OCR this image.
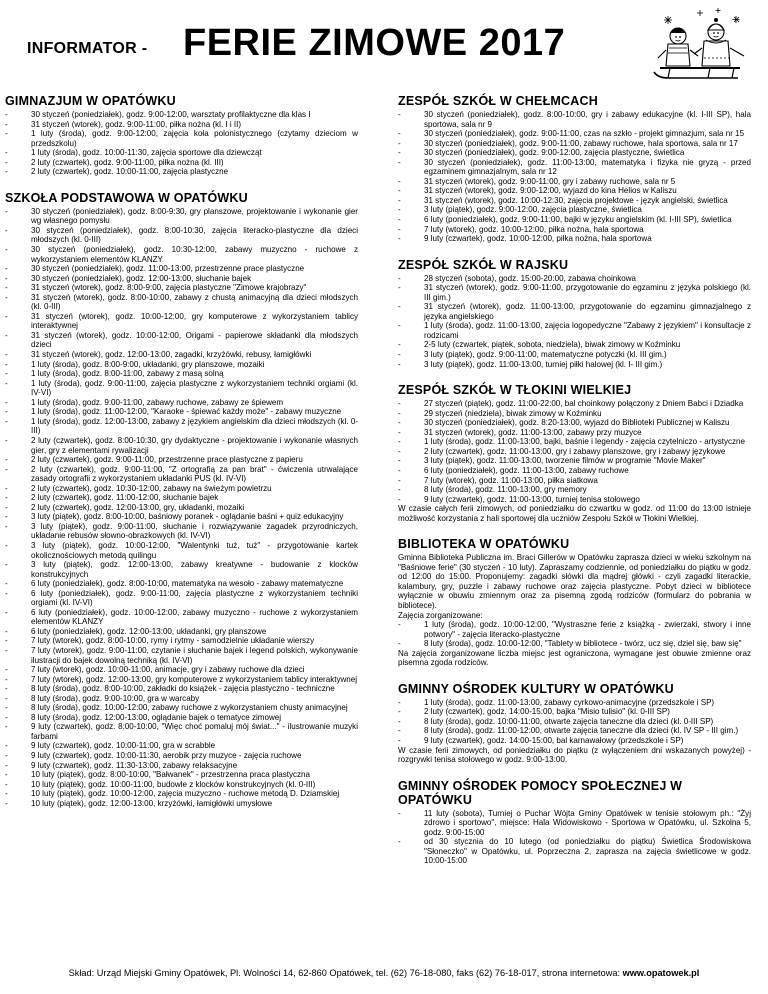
INFORMATOR - FERIE ZIMOWE 2017
GIMNAZJUM W OPATÓWKU
- 30 styczeń (poniedziałek), godz. 9:00-12:00, warsztaty profilaktyczne dla klas I
- 31 styczeń (wtorek), godz. 9:00-11:00, piłka nożna (kl. I i II)
- 1 luty (środa), godz. 9:00-12:00, zajęcia koła polonistycznego (czytamy dzieciom w przedszkolu)
- 1 luty (środa), godz. 10:00-11:30, zajęcia sportowe dla dziewcząt
- 2 luty (czwartek), godz. 9:00-11:00, piłka nożna (kl. III)
- 2 luty (czwartek), godz. 10:00-11:00, zajęcia plastyczne
SZKOŁA PODSTAWOWA W OPATÓWKU
- 30 styczeń (poniedziałek), godz. 8:00-9:30, gry planszowe, projektowanie i wykonanie gier wg własnego pomysłu
- 30 styczeń (poniedziałek), godz. 8:00-10:30, zajęcia literacko-plastyczne dla dzieci młodszych (kl. 0-III)
- 30 styczeń (poniedziałek), godz. 10:30-12:00, zabawy muzyczno - ruchowe z wykorzystaniem elementów KLANZY
- 30 styczeń (poniedziałek), godz. 11:00-13:00, przestrzenne prace plastyczne
- 30 styczeń (poniedziałek), godz. 12:00-13:00, słuchanie bajek
- 31 styczeń (wtorek), godz. 8:00-9:00, zajęcia plastyczne "Zimowe krajobrazy"
- 31 styczeń (wtorek), godz. 8:00-10:00, zabawy z chustą animacyjną dla dzieci młodszych (kl. 0-III)
- 31 styczeń (wtorek), godz. 10:00-12:00, gry komputerowe z wykorzystaniem tablicy interaktywnej
- 31 styczeń (wtorek), godz. 10:00-12:00, Origami - papierowe składanki dla młodszych dzieci
- 31 styczeń (wtorek), godz. 12:00-13:00, zagadki, krzyżówki, rebusy, łamigłówki
- 1 luty (środa), godz. 8:00-9:00, układanki, gry planszowe, mozaiki
- 1 luty (środa), godz. 8:00-11:00, zabawy z masą solną
- 1 luty (środa), godz. 9:00-11:00, zajęcia plastyczne z wykorzystaniem techniki orgiami (kl. IV-VI)
- 1 luty (środa), godz. 9:00-11:00, zabawy ruchowe, zabawy ze śpiewem
- 1 luty (środa), godz. 11:00-12:00, "Karaoke - śpiewać każdy może" - zabawy muzyczne
- 1 luty (środa), godz. 12:00-13:00, zabawy z językiem angielskim dla dzieci młodszych (kl. 0-III)
- 2 luty (czwartek), godz. 8:00-10:30, gry dydaktyczne - projektowanie i wykonanie własnych gier, gry z elementami rywalizacji
- 2 luty (czwartek), godz. 9:00-11:00, przestrzenne prace plastyczne z papieru
- 2 luty (czwartek), godz. 9:00-11:00, "Z ortografią za pan brat" - ćwiczenia utrwalające zasady ortografii z wykorzystaniem układanki PUS (kl. IV-VI)
- 2 luty (czwartek), godz. 10:30-12:00, zabawy na świeżym powietrzu
- 2 luty (czwartek), godz. 11:00-12:00, słuchanie bajek
- 2 luty (czwartek), godz. 12:00-13:00, gry, układanki, mozaiki
- 3 luty (piątek), godz. 8:00-10:00, baśniowy poranek - oglądanie baśni + quiz edukacyjny
- 3 luty (piątek), godz. 9:00-11:00, słuchanie i rozwiązywanie zagadek przyrodniczych, układanie rebusów słowno-obrazkowych (kl. IV-VI)
- 3 luty (piątek), godz. 10:00-12:00, "Walentynki tuż, tuż" - przygotowanie kartek okolicznościowych metodą quilingu
- 3 luty (piątek), godz. 12:00-13:00, zabawy kreatywne - budowanie z klocków konstrukcyjnych
- 6 luty (poniedziałek), godz. 8:00-10:00, matematyka na wesoło - zabawy matematyczne
- 6 luty (poniedziałek), godz. 9:00-11:00, zajęcia plastyczne z wykorzystaniem techniki orgiami (kl. IV-VI)
- 6 luty (poniedziałek), godz. 10:00-12:00, zabawy muzyczno - ruchowe z wykorzystaniem elementów KLANZY
- 6 luty (poniedziałek), godz. 12:00-13:00, układanki, gry planszowe
- 7 luty (wtorek), godz. 8:00-10:00, rymy i rytmy - samodzielnie układanie wierszy
- 7 luty (wtorek), godz. 9:00-11:00, czytanie i słuchanie bajek i legend polskich, wykonywanie ilustracji do bajek dowolną techniką (kl. IV-VI)
- 7 luty (wtorek), godz. 10:00-11:00, animacje, gry i zabawy ruchowe dla dzieci
- 7 luty (wtorek), godz. 12:00-13:00, gry komputerowe z wykorzystaniem tablicy interaktywnej
- 8 luty (środa), godz. 8:00-10:00, zakładki do książek - zajęcia plastyczno - techniczne
- 8 luty (środa), godz. 9:00-10:00, gra w warcaby
- 8 luty (środa), godz. 10:00-12:00, zabawy ruchowe z wykorzystaniem chusty animacyjnej
- 8 luty (środa), godz. 12:00-13:00, oglądanie bajek o tematyce zimowej
- 9 luty (czwartek), godz. 8:00-10:00, "Więc choć pomaluj mój świat..." - ilustrowanie muzyki farbami
- 9 luty (czwartek), godz. 10:00-11:00, gra w scrabble
- 9 luty (czwartek), godz. 10:00-11:30, aerobik przy muzyce - zajęcia ruchowe
- 9 luty (czwartek), godz. 11:30-13:00, zabawy relaksacyjne
- 10 luty (piątek), godz. 8:00-10:00, "Bałwanek" - przestrzenna praca plastyczna
- 10 luty (piątek), godz. 10:00-11:00, budowle z klocków konstrukcyjnych (kl. 0-III)
- 10 luty (piątek), godz. 10:00-12:00, zajęcia muzyczno - ruchowe metodą D. Dziamskiej
- 10 luty (piątek), godz. 12:00-13:00, krzyżówki, łamigłówki umysłowe
ZESPÓŁ SZKÓŁ W CHEŁMCACH
- 30 styczeń (poniedziałek), godz. 8:00-10:00, gry i zabawy edukacyjne (kl. I-III SP), hala sportowa, sala nr 9
- 30 styczeń (poniedziałek), godz. 9:00-11:00, czas na szkło - projekt gimnazjum, sala nr 15
- 30 styczeń (poniedziałek), godz. 9:00-11:00, zabawy ruchowe, hala sportowa, sala nr 17
- 30 styczeń (poniedziałek), godz. 9:00-12:00, zajęcia plastyczne, świetlica
- 30 styczeń (poniedziałek), godz. 11:00-13:00, matematyka i fizyka nie gryzą - przed egzaminem gimnazjalnym, sala nr 12
- 31 styczeń (wtorek), godz. 9:00-11:00, gry i zabawy ruchowe, sala nr 5
- 31 styczeń (wtorek), godz. 9:00-12:00, wyjazd do kina Helios w Kaliszu
- 31 styczeń (wtorek), godz. 10:00-12:30, zajęcia projektowe - język angielski, świetlica
- 3 luty (piątek), godz. 9:00-12:00, zajęcia plastyczne, świetlica
- 6 luty (poniedziałek), godz. 9:00-11:00, bajki w języku angielskim (kl. I-III SP), świetlica
- 7 luty (wtorek), godz. 10:00-12:00, piłka nożna, hala sportowa
- 9 luty (czwartek), godz. 10:00-12:00, piłka nożna, hala sportowa
ZESPÓŁ SZKÓŁ W RAJSKU
- 28 styczeń (sobota), godz. 15:00-20:00, zabawa choinkowa
- 31 styczeń (wtorek), godz. 9:00-11:00, przygotowanie do egzaminu z języka polskiego (kl. III gim.)
- 31 styczeń (wtorek), godz. 11:00-13:00, przygotowanie do egzaminu gimnazjalnego z języka angielskiego
- 1 luty (środa), godz. 11:00-13:00, zajęcia logopedyczne "Zabawy z językiem" i konsultacje z rodzicami
- 2-5 luty (czwartek, piątek, sobota, niedziela), biwak zimowy w Koźminku
- 3 luty (piątek), godz. 9:00-11:00, matematyczne potyczki (kl. III gim.)
- 3 luty (piątek), godz. 11:00-13:00, turniej piłki halowej (kl. I- III gim.)
ZESPÓŁ SZKÓŁ W TŁOKINI WIELKIEJ
- 27 styczeń (piątek), godz. 11:00-22:00, bal choinkowy połączony z Dniem Babci i Dziadka
- 29 styczeń (niedziela), biwak zimowy w Koźminku
- 30 styczeń (poniedziałek), godz. 8:20-13:00, wyjazd do Biblioteki Publicznej w Kaliszu
- 31 styczeń (wtorek), godz. 11:00-13:00, zabawy przy muzyce
- 1 luty (środa), godz. 11:00-13:00, bajki, baśnie i legendy - zajęcia czytelniczo - artystyczne
- 2 luty (czwartek), godz. 11:00-13:00, gry i zabawy planszowe, gry i zabawy językowe
- 3 luty (piątek), godz. 11:00-13:00, tworzenie filmów w programie "Movie Maker"
- 6 luty (poniedziałek), godz. 11:00-13:00, zabawy ruchowe
- 7 luty (wtorek), godz. 11:00-13:00, piłka siatkowa
- 8 luty (środa), godz. 11:00-13:00, gry memory
- 9 luty (czwartek), godz. 11:00-13:00, turniej tenisa stołowego
W czasie całych ferii zimowych, od poniedziałku do czwartku w godz. od 11:00 do 13:00 istnieje możliwość korzystania z hali sportowej dla uczniów Zespołu Szkół w Tłokini Wielkiej.
BIBLIOTEKA W OPATÓWKU
Gminna Biblioteka Publiczna im. Braci Gillerów w Opatówku zaprasza dzieci w wieku szkolnym na "Baśniowe ferie" (30 styczeń - 10 luty). Zapraszamy codziennie, od poniedziałku do piątku w godz. od 12:00 do 15:00. Proponujemy: zagadki słówki dla mądrej główki - czyli zagadki literackie, kalambury, gry, puzzle i zabawy ruchowe oraz zajęcia plastyczne. Pobyt dzieci w bibliotece wyłącznie w obuwiu zmiennym oraz za pisemną zgodą rodziców (formularz do pobrania w bibliotece).
Zajęcia zorganizowane:
- 1 luty (środa), godz. 10:00-12:00, "Wystraszne ferie z książką - zwierzaki, stwory i inne potwory" - zajęcia literacko-plastyczne
- 8 luty (środa), godz. 10:00-12:00, "Tablety w bibliotece - twórz, ucz się, dziel się, baw się"
Na zajęcia zorganizowane liczba miejsc jest ograniczona, wymagane jest obuwie zmienne oraz pisemna zgoda rodziców.
GMINNY OŚRODEK KULTURY W OPATÓWKU
- 1 luty (środa), godz. 11:00-13:00, zabawy cyrkowo-animacyjne (przedszkole i SP)
- 2 luty (czwartek), godz. 14:00-15:00, bajka "Misio tulisio" (kl. 0-III SP)
- 8 luty (środa), godz. 10:00-11:00, otwarte zajęcia taneczne dla dzieci (kl. 0-III SP)
- 8 luty (środa), godz. 11:00-12:00, otwarte zajęcia taneczne dla dzieci (kl. IV SP - III gim.)
- 9 luty (czwartek), godz. 14:00-15:00, bal karnawałowy (przedszkole i SP)
W czasie ferii zimowych, od poniedziałku do piątku (z wyłączeniem dni wskazanych powyżej) - rozgrywki tenisa stołowego w godz. 9:00-13:00.
GMINNY OŚRODEK POMOCY SPOŁECZNEJ W OPATÓWKU
- 11 luty (sobota), Turniej o Puchar Wójta Gminy Opatówek w tenisie stołowym ph.: "Żyj zdrowo i sportowo", miejsce: Hala Widowiskowo - Sportowa w Opatówku, ul. Szkolna 5, godz. 9:00-15:00
- od 30 stycznia do 10 lutego (od poniedziałku do piątku) Świetlica Środowiskowa "Słoneczko" w Opatówku, ul. Poprzeczna 2, zaprasza na zajęcia świetlicowe w godz. 10:00-15:00
Skład: Urząd Miejski Gminy Opatówek, Pl. Wolności 14, 62-860 Opatówek, tel. (62) 76-18-080, faks (62) 76-18-017, strona internetowa: www.opatowek.pl
